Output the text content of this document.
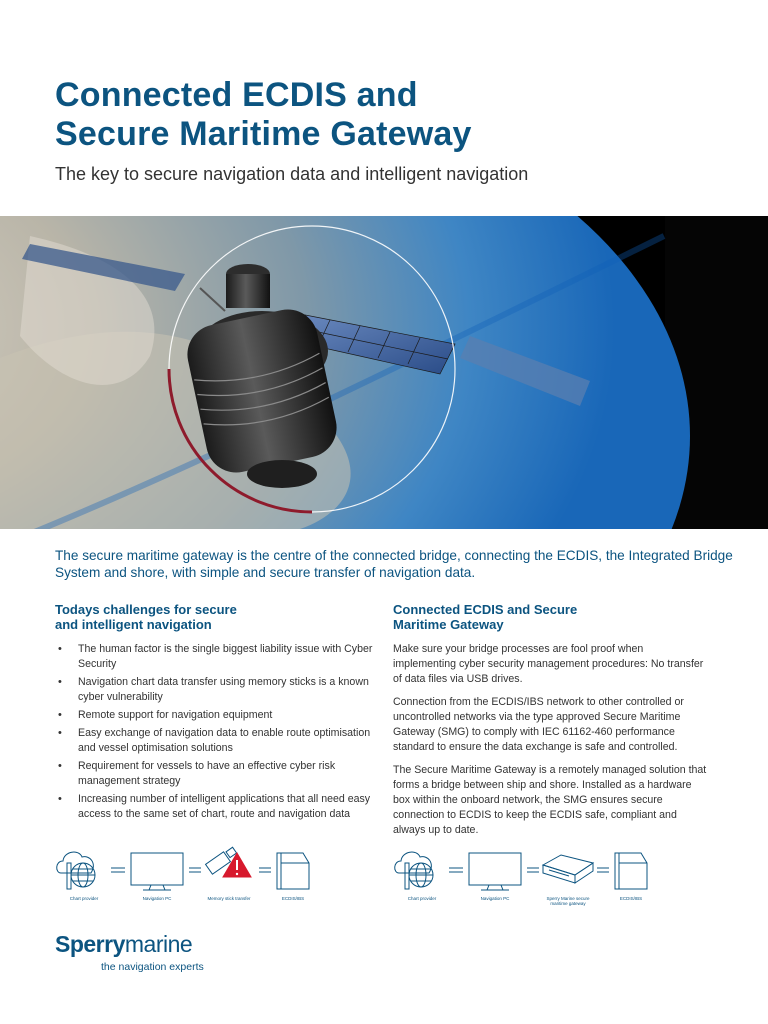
Connected ECDIS and
Secure Maritime Gateway
The key to secure navigation data and intelligent navigation
The secure maritime gateway is the centre of the connected bridge, connecting the ECDIS, the Integrated Bridge System and shore, with simple and secure transfer of navigation data.
Todays challenges for secure
and intelligent navigation
• The human factor is the single biggest liability issue with Cyber Security
• Navigation chart data transfer using memory sticks is a known cyber vulnerability
• Remote support for navigation equipment
• Easy exchange of navigation data to enable route optimisation and vessel optimisation solutions
• Requirement for vessels to have an effective cyber risk management strategy
• Increasing number of intelligent applications that all need easy access to the same set of chart, route and navigation data
Connected ECDIS and Secure
Maritime Gateway

Make sure your bridge processes are fool proof when implementing cyber security management procedures: No transfer of data files via USB drives.

Connection from the ECDIS/IBS network to other controlled or uncontrolled networks via the type approved Secure Maritime Gateway (SMG) to comply with IEC 61162-460 performance standard to ensure the data exchange is safe and controlled.

The Secure Maritime Gateway is a remotely managed solution that forms a bridge between ship and shore. Installed as a hardware box within the onboard network, the SMG ensures secure connection to ECDIS to keep the ECDIS safe, compliant and always up to date.

Chart provider	Navigation PC	Memory stick transfer	ECDIS/IBS	Chart provider	Navigation PC	Sperry Marine secure maritime gateway
ECDIS/IBS
Sperrymarine
the navigation experts
